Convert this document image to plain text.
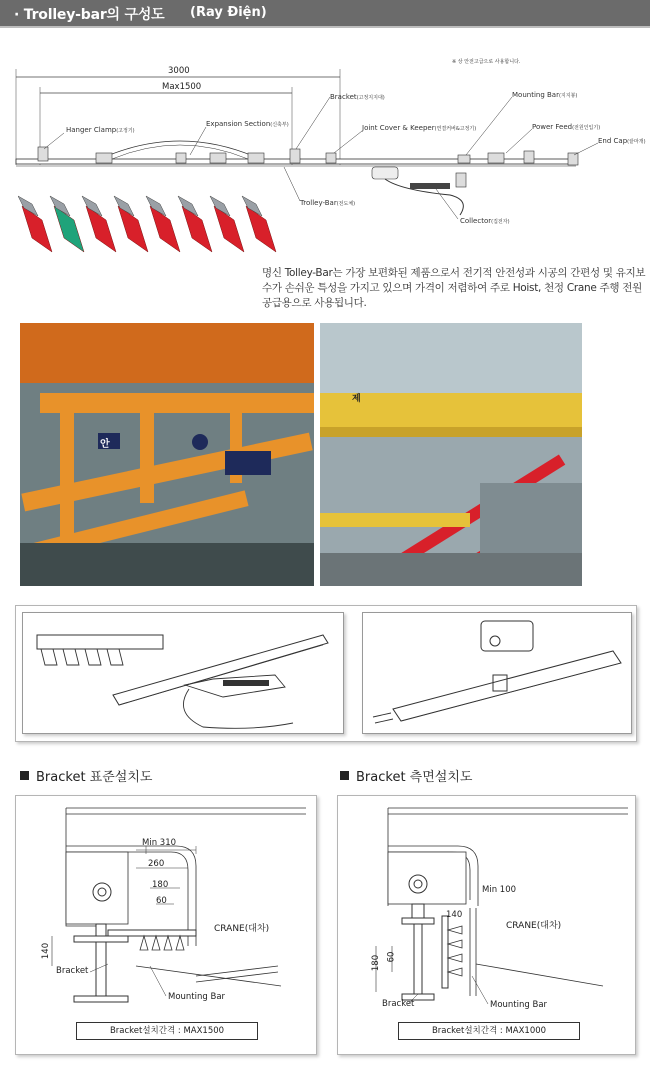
· Trolley-bar의 구성도 (Ray Điện)
※ 상 안전고급으로 사용합니다.
3000
Max1500
Hanger Clamp(고정기)
Expansion Section(신축부)
Bracket(고정지지대)
Joint Cover & Keeper(연결커버&고정기)
Mounting Bar(지지봉)
Power Feed(전원인입기)
End Cap(끝마개)
Trolley-Bar(전도체)
Collector(집전자)
명신 Tolley-Bar는 가장 보편화된 제품으로서 전기적 안전성과 시공의 간편성 및 유지보수가 손쉬운 특성을 가지고 있으며 가격이 저렴하여 주로 Hoist, 천정 Crane 주행 전원공급용으로 사용됩니다.
안
제
Bracket 표준설치도	Bracket 측면설치도
Min 310
260
180
60
140
CRANE(대차)
Bracket
Mounting Bar
Bracket설치간격 : MAX1500
Min 100
140
180 60
CRANE(대차)
Bracket	Mounting Bar
Bracket설치간격 : MAX1000
